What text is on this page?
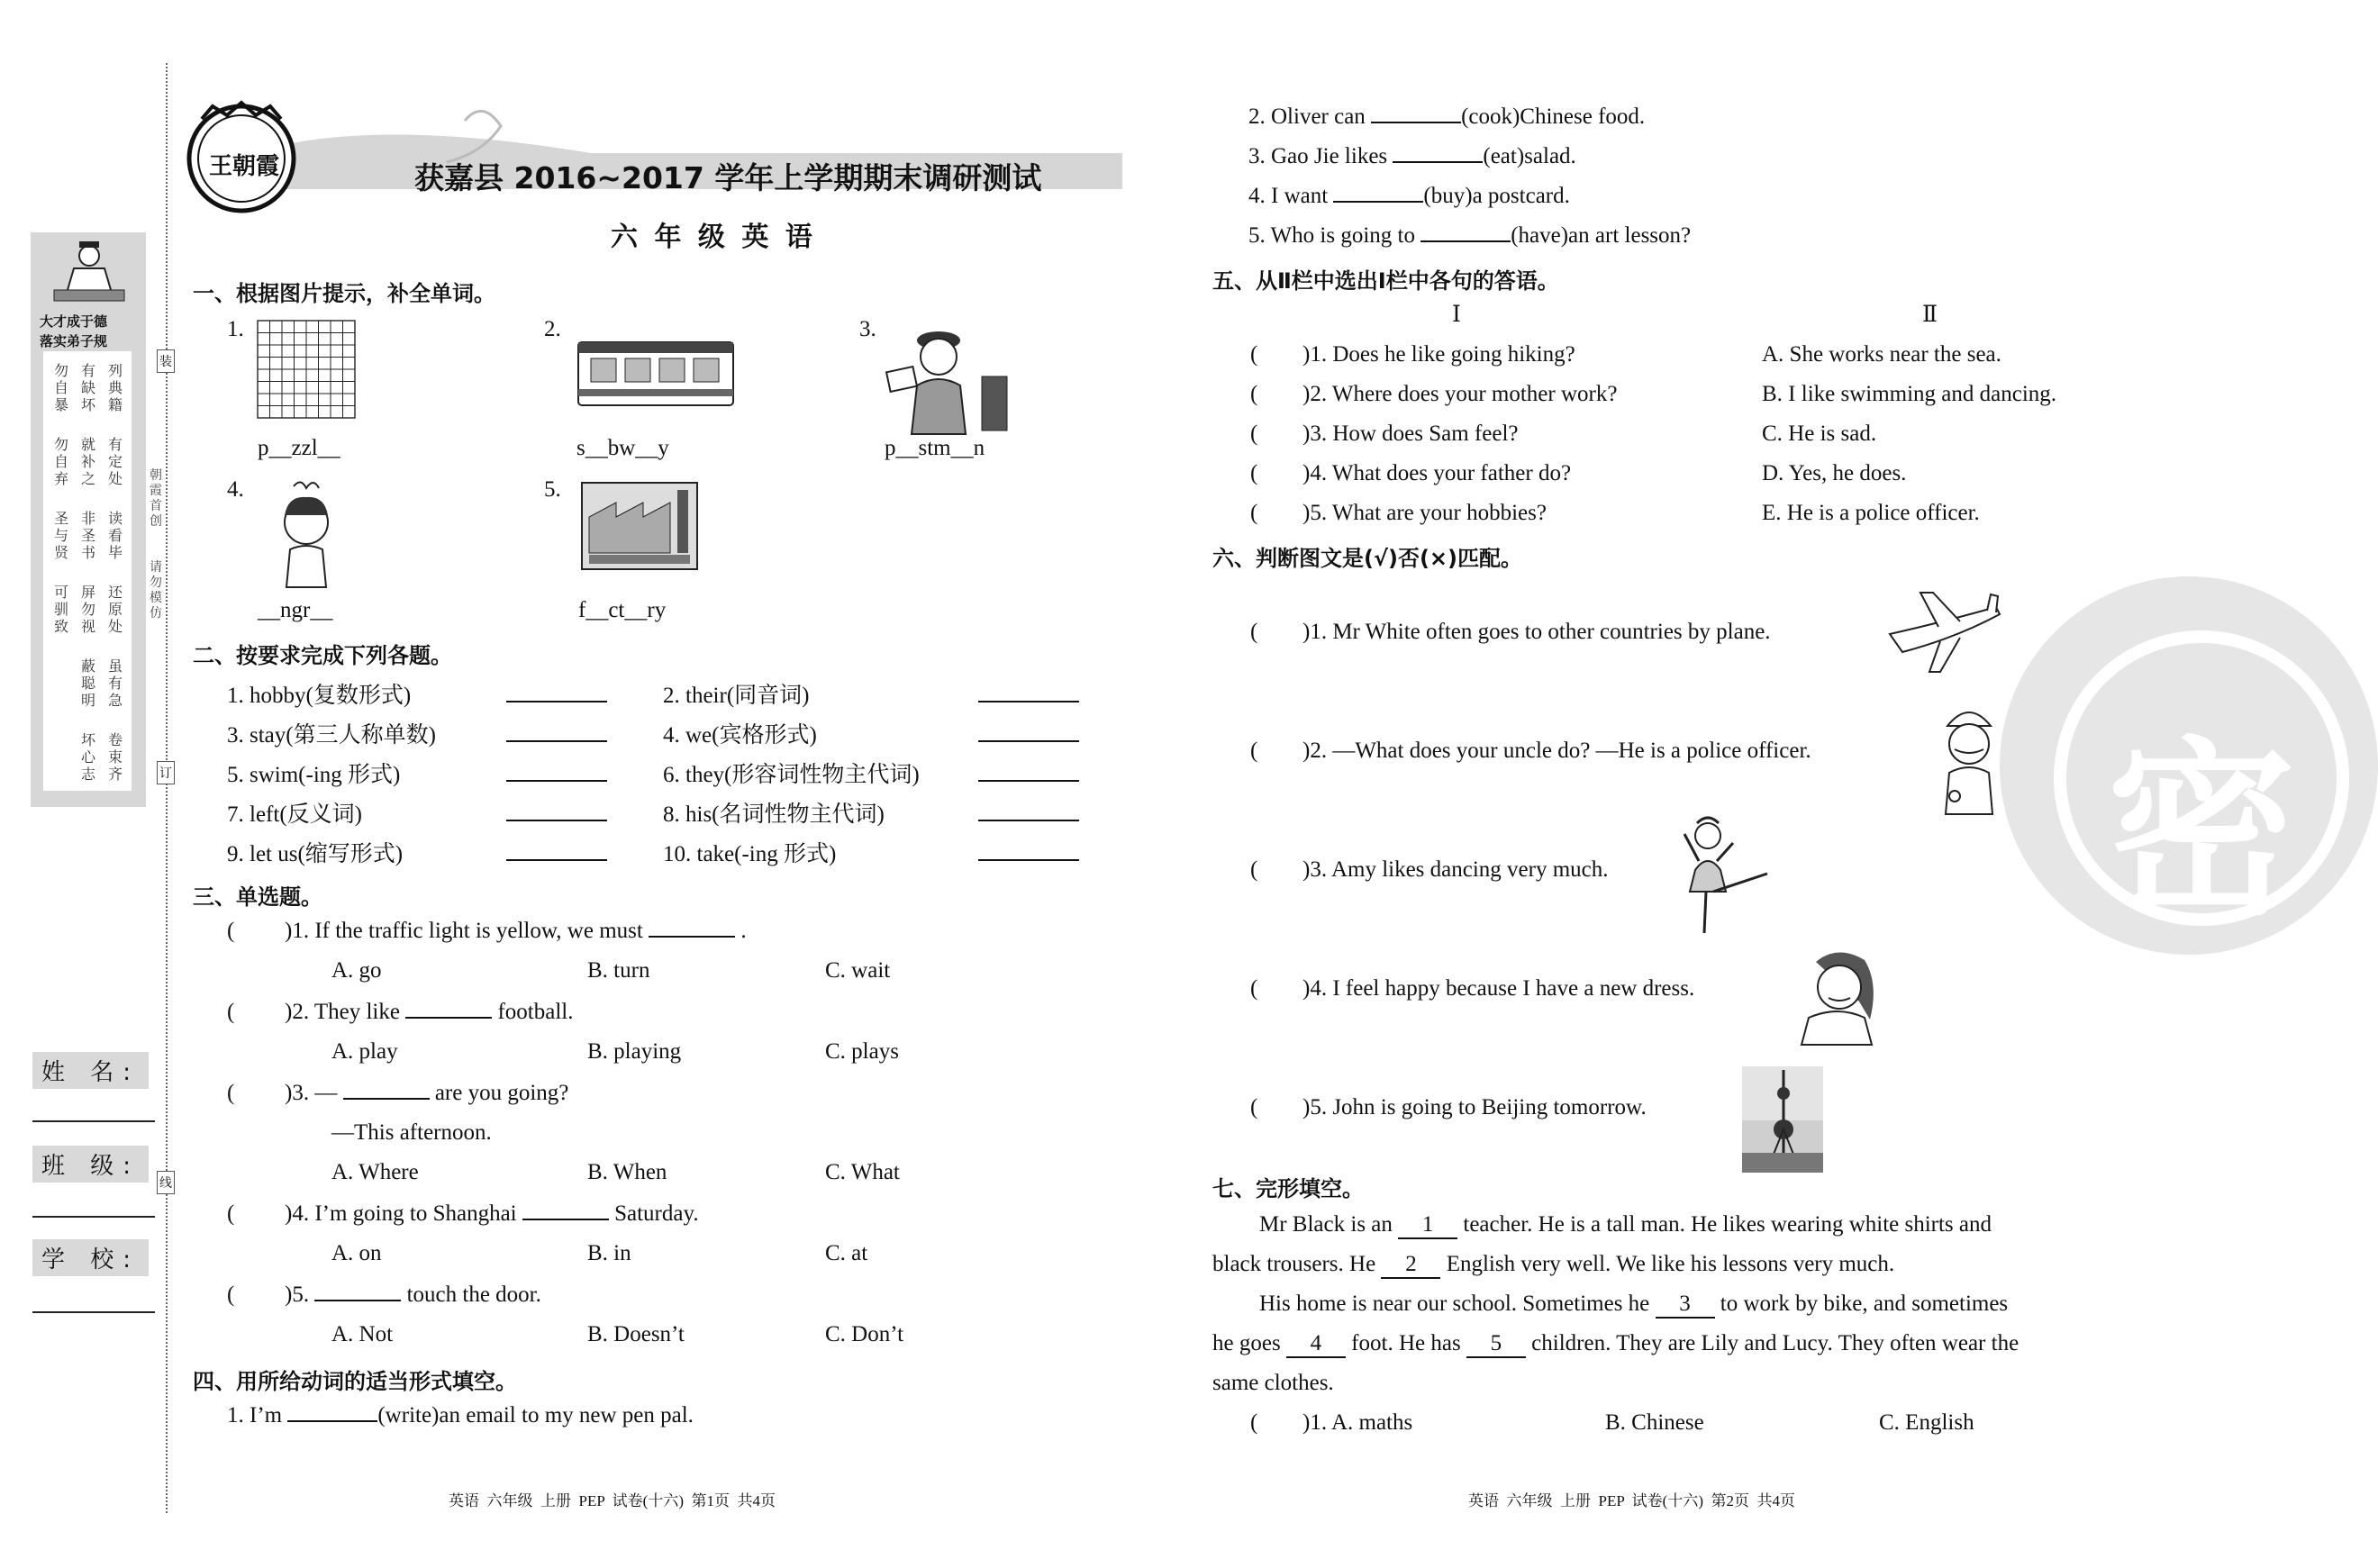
装
订
线
大才成于德
落实弟子规
勿自暴
有缺坏
列典籍
勿自弃
就补之
有定处
圣与贤
非圣书
读看毕
可驯致
屏勿视
还原处
蔽聪明
虽有急
坏心志
卷束齐
朝霞首创
请勿模仿
姓 名:
班 级:
学 校:
王朝霞	获嘉县 2016~2017 学年上学期期末调研测试
六 年 级 英 语
一、根据图片提示，补全单词。
1.
p__zzl__
2.
s__bw__y
3.
p__stm__n
4.
__ngr__
5.
f__ct__ry
二、按要求完成下列各题。
1. hobby(复数形式)	2. their(同音词)
3. stay(第三人称单数)	4. we(宾格形式)
5. swim(-ing 形式)	6. they(形容词性物主代词)
7. left(反义词)	8. his(名词性物主代词)
9. let us(缩写形式)	10. take(-ing 形式)
三、单选题。
( )1. If the traffic light is yellow, we must	.
A. go	B. turn	C. wait
( )2. They like	football.
A. play	B. playing	C. plays
( )3. —	are you going?
—This afternoon.
A. Where	B. When	C. What
( )4. I’m going to Shanghai	Saturday.
A. on	B. in	C. at
( )5.	touch the door.
A. Not	B. Doesn’t	C. Don’t
四、用所给动词的适当形式填空。
1. I’m	(write)an email to my new pen pal.
2. Oliver can	(cook)Chinese food.
3. Gao Jie likes	(eat)salad.
4. I want	(buy)a postcard.
5. Who is going to	(have)an art lesson?
五、从Ⅱ栏中选出Ⅰ栏中各句的答语。
Ⅰ	Ⅱ
( )1. Does he like going hiking?	A. She works near the sea.
( )2. Where does your mother work?	B. I like swimming and dancing.
( )3. How does Sam feel?	C. He is sad.
( )4. What does your father do?	D. Yes, he does.
( )5. What are your hobbies?	E. He is a police officer.
六、判断图文是(√)否(×)匹配。
( )1. Mr White often goes to other countries by plane.
( )2. —What does your uncle do? —He is a police officer.
( )3. Amy likes dancing very much.
( )4. I feel happy because I have a new dress.
( )5. John is going to Beijing tomorrow.
七、完形填空。
Mr Black is an 1 teacher. He is a tall man. He likes wearing white shirts and
black trousers. He 2 English very well. We like his lessons very much.
His home is near our school. Sometimes he 3 to work by bike, and sometimes
he goes 4 foot. He has 5 children. They are Lily and Lucy. They often wear the
same clothes.
( )1. A. maths	B. Chinese	C. English
英语  六年级  上册  PEP  试卷(十六)  第1页  共4页	英语  六年级  上册  PEP  试卷(十六)  第2页  共4页
密
